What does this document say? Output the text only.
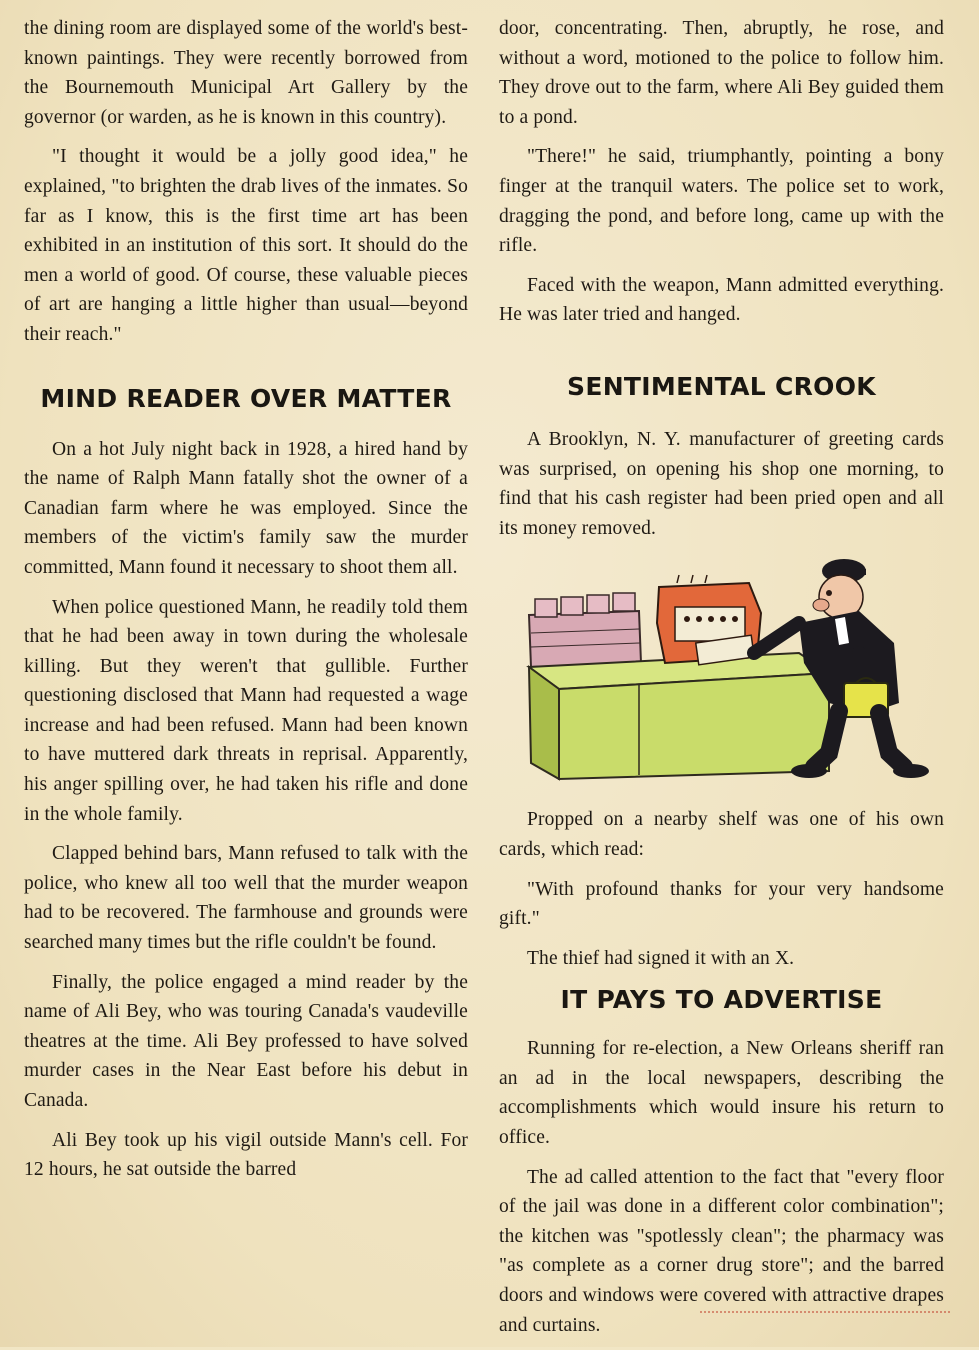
the dining room are displayed some of the world's best-known paintings. They were recently borrowed from the Bournemouth Municipal Art Gallery by the governor (or warden, as he is known in this country).

"I thought it would be a jolly good idea," he explained, "to brighten the drab lives of the inmates. So far as I know, this is the first time art has been exhibited in an institution of this sort. It should do the men a world of good. Of course, these valuable pieces of art are hanging a little higher than usual—beyond their reach."

MIND READER OVER MATTER

On a hot July night back in 1928, a hired hand by the name of Ralph Mann fatally shot the owner of a Canadian farm where he was employed. Since the members of the victim's family saw the murder committed, Mann found it necessary to shoot them all.

When police questioned Mann, he readily told them that he had been away in town during the wholesale killing. But they weren't that gullible. Further questioning disclosed that Mann had requested a wage increase and had been refused. Mann had been known to have muttered dark threats in reprisal. Apparently, his anger spilling over, he had taken his rifle and done in the whole family.

Clapped behind bars, Mann refused to talk with the police, who knew all too well that the murder weapon had to be recovered. The farmhouse and grounds were searched many times but the rifle couldn't be found.

Finally, the police engaged a mind reader by the name of Ali Bey, who was touring Canada's vaudeville theatres at the time. Ali Bey professed to have solved murder cases in the Near East before his debut in Canada.

Ali Bey took up his vigil outside Mann's cell. For 12 hours, he sat outside the barred

door, concentrating. Then, abruptly, he rose, and without a word, motioned to the police to follow him. They drove out to the farm, where Ali Bey guided them to a pond.

"There!" he said, triumphantly, pointing a bony finger at the tranquil waters. The police set to work, dragging the pond, and before long, came up with the rifle.

Faced with the weapon, Mann admitted everything. He was later tried and hanged.

SENTIMENTAL CROOK

A Brooklyn, N. Y. manufacturer of greeting cards was surprised, on opening his shop one morning, to find that his cash register had been pried open and all its money removed.

Propped on a nearby shelf was one of his own cards, which read:

"With profound thanks for your very handsome gift."

The thief had signed it with an X.

IT PAYS TO ADVERTISE

Running for re-election, a New Orleans sheriff ran an ad in the local newspapers, describing the accomplishments which would insure his return to office.

The ad called attention to the fact that "every floor of the jail was done in a different color combination"; the kitchen was "spotlessly clean"; the pharmacy was "as complete as a corner drug store"; and the barred doors and windows were covered with attractive drapes and curtains.
